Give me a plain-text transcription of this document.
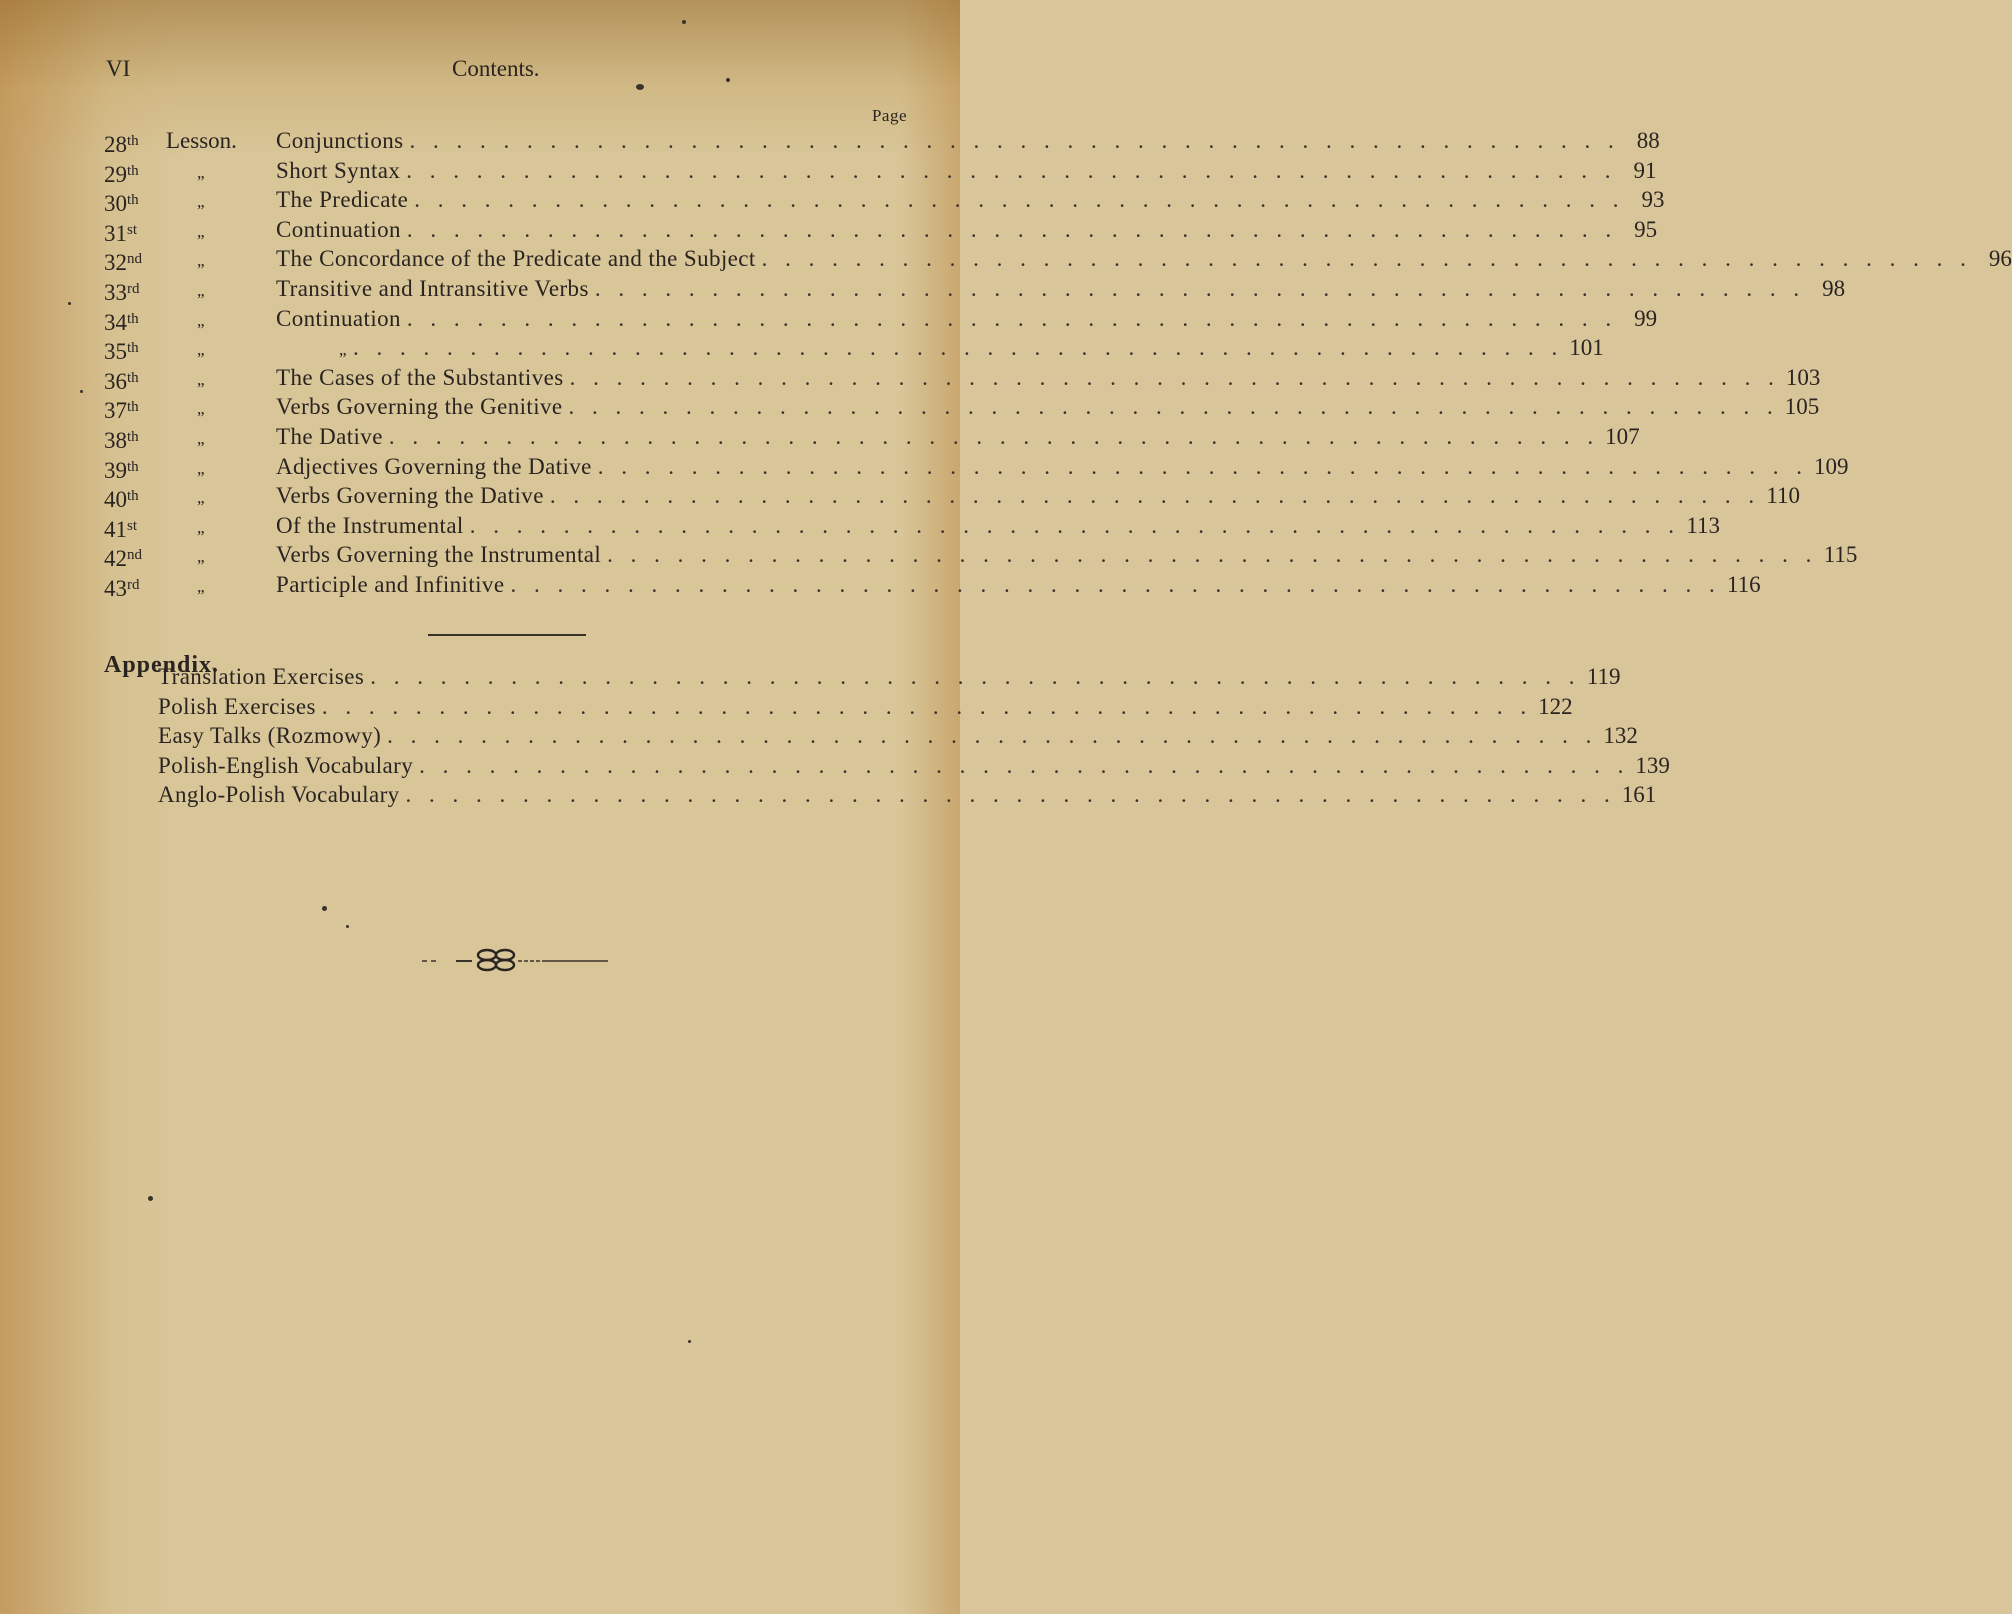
VI	Contents.
Page
28th Lesson. Conjunctions . . . . . . . . . . . . . . . . . . . . . . . . . . . . . . . . . . . . . . . . . . . . . . . . . . . . 88
29th	„	Short Syntax . . . . . . . . . . . . . . . . . . . . . . . . . . . . . . . . . . . . . . . . . . . . . . . . . . . . 91
30th	„	The Predicate . . . . . . . . . . . . . . . . . . . . . . . . . . . . . . . . . . . . . . . . . . . . . . . . . . . . 93
31st	„	Continuation . . . . . . . . . . . . . . . . . . . . . . . . . . . . . . . . . . . . . . . . . . . . . . . . . . . . 95
32nd	„	The Concordance of the Predicate and the Subject . . . . . . . . . . . . . . . . . . . . . . . . . . . . . . . . . . . . . . . . . . . . . . . . . . . . 96
33rd	„	Transitive and Intransitive Verbs . . . . . . . . . . . . . . . . . . . . . . . . . . . . . . . . . . . . . . . . . . . . . . . . . . . . 98
34th	„	Continuation . . . . . . . . . . . . . . . . . . . . . . . . . . . . . . . . . . . . . . . . . . . . . . . . . . . . 99
35th	„	„ . . . . . . . . . . . . . . . . . . . . . . . . . . . . . . . . . . . . . . . . . . . . . . . . . . . . 101
36th	„	The Cases of the Substantives . . . . . . . . . . . . . . . . . . . . . . . . . . . . . . . . . . . . . . . . . . . . . . . . . . . . 103
37th	„	Verbs Governing the Genitive . . . . . . . . . . . . . . . . . . . . . . . . . . . . . . . . . . . . . . . . . . . . . . . . . . . . 105
38th	„	The Dative . . . . . . . . . . . . . . . . . . . . . . . . . . . . . . . . . . . . . . . . . . . . . . . . . . . . 107
39th	„	Adjectives Governing the Dative . . . . . . . . . . . . . . . . . . . . . . . . . . . . . . . . . . . . . . . . . . . . . . . . . . . . 109
40th	„	Verbs Governing the Dative . . . . . . . . . . . . . . . . . . . . . . . . . . . . . . . . . . . . . . . . . . . . . . . . . . . . 110
41st	„	Of the Instrumental . . . . . . . . . . . . . . . . . . . . . . . . . . . . . . . . . . . . . . . . . . . . . . . . . . . . 113
42nd	„	Verbs Governing the Instrumental . . . . . . . . . . . . . . . . . . . . . . . . . . . . . . . . . . . . . . . . . . . . . . . . . . . . 115
43rd	„	Participle and Infinitive . . . . . . . . . . . . . . . . . . . . . . . . . . . . . . . . . . . . . . . . . . . . . . . . . . . . 116
Appendix.
Translation Exercises . . . . . . . . . . . . . . . . . . . . . . . . . . . . . . . . . . . . . . . . . . . . . . . . . . . . 119
Polish Exercises . . . . . . . . . . . . . . . . . . . . . . . . . . . . . . . . . . . . . . . . . . . . . . . . . . . . 122
Easy Talks (Rozmowy) . . . . . . . . . . . . . . . . . . . . . . . . . . . . . . . . . . . . . . . . . . . . . . . . . . . . 132
Polish-English Vocabulary . . . . . . . . . . . . . . . . . . . . . . . . . . . . . . . . . . . . . . . . . . . . . . . . . . . . 139
Anglo-Polish Vocabulary . . . . . . . . . . . . . . . . . . . . . . . . . . . . . . . . . . . . . . . . . . . . . . . . . . . . 161
